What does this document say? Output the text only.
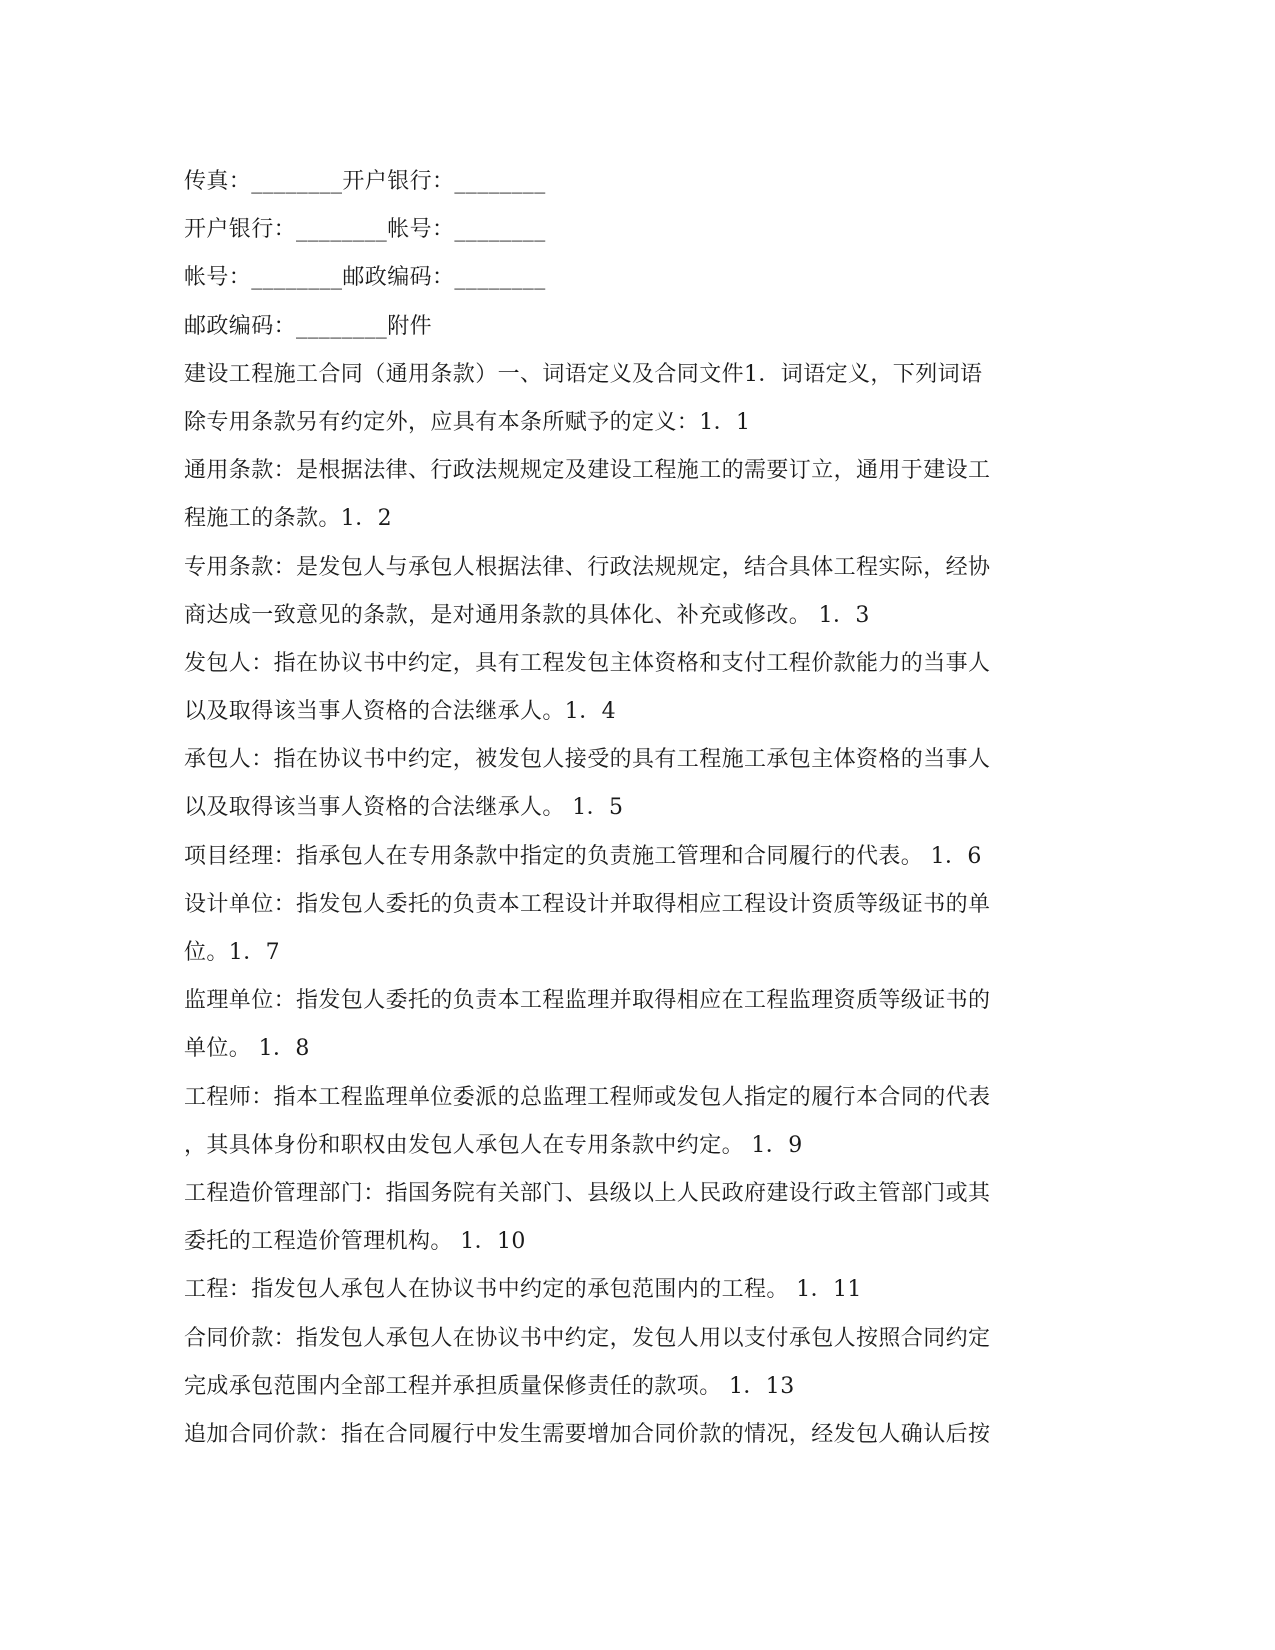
传真：________开户银行：________
开户银行：________帐号：________
帐号：________邮政编码：________
邮政编码：________附件
建设工程施工合同（通用条款）一、词语定义及合同文件1．词语定义，下列词语
除专用条款另有约定外，应具有本条所赋予的定义：1．1
通用条款：是根据法律、行政法规规定及建设工程施工的需要订立，通用于建设工
程施工的条款。1．2
专用条款：是发包人与承包人根据法律、行政法规规定，结合具体工程实际，经协
商达成一致意见的条款，是对通用条款的具体化、补充或修改。 1．3
发包人：指在协议书中约定，具有工程发包主体资格和支付工程价款能力的当事人
以及取得该当事人资格的合法继承人。1．4
承包人：指在协议书中约定，被发包人接受的具有工程施工承包主体资格的当事人
以及取得该当事人资格的合法继承人。 1．5
项目经理：指承包人在专用条款中指定的负责施工管理和合同履行的代表。 1．6
设计单位：指发包人委托的负责本工程设计并取得相应工程设计资质等级证书的单
位。1．7
监理单位：指发包人委托的负责本工程监理并取得相应在工程监理资质等级证书的
单位。 1．8
工程师：指本工程监理单位委派的总监理工程师或发包人指定的履行本合同的代表
，其具体身份和职权由发包人承包人在专用条款中约定。 1．9
工程造价管理部门：指国务院有关部门、县级以上人民政府建设行政主管部门或其
委托的工程造价管理机构。 1．10
工程：指发包人承包人在协议书中约定的承包范围内的工程。 1．11
合同价款：指发包人承包人在协议书中约定，发包人用以支付承包人按照合同约定
完成承包范围内全部工程并承担质量保修责任的款项。 1．13
追加合同价款：指在合同履行中发生需要增加合同价款的情况，经发包人确认后按
